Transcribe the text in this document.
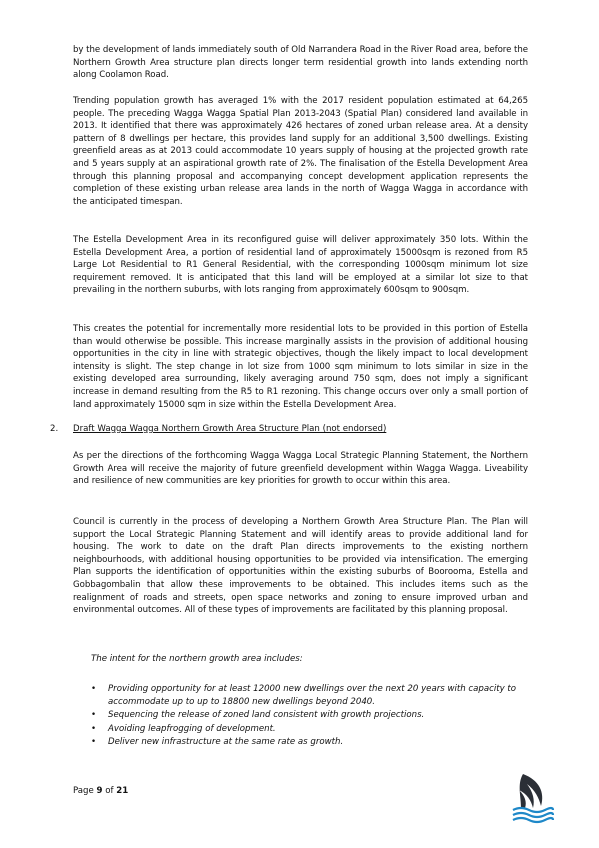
by the development of lands immediately south of Old Narrandera Road in the River Road area, before the Northern Growth Area structure plan directs longer term residential growth into lands extending north along Coolamon Road.

Trending population growth has averaged 1% with the 2017 resident population estimated at 64,265 people. The preceding Wagga Wagga Spatial Plan 2013-2043 (Spatial Plan) considered land available in 2013. It identified that there was approximately 426 hectares of zoned urban release area. At a density pattern of 8 dwellings per hectare, this provides land supply for an additional 3,500 dwellings. Existing greenfield areas as at 2013 could accommodate 10 years supply of housing at the projected growth rate and 5 years supply at an aspirational growth rate of 2%. The finalisation of the Estella Development Area through this planning proposal and accompanying concept development application represents the completion of these existing urban release area lands in the north of Wagga Wagga in accordance with the anticipated timespan.

The Estella Development Area in its reconfigured guise will deliver approximately 350 lots. Within the Estella Development Area, a portion of residential land of approximately 15000sqm is rezoned from R5 Large Lot Residential to R1 General Residential, with the corresponding 1000sqm minimum lot size requirement removed. It is anticipated that this land will be employed at a similar lot size to that prevailing in the northern suburbs, with lots ranging from approximately 600sqm to 900sqm.

This creates the potential for incrementally more residential lots to be provided in this portion of Estella than would otherwise be possible. This increase marginally assists in the provision of additional housing opportunities in the city in line with strategic objectives, though the likely impact to local development intensity is slight. The step change in lot size from 1000 sqm minimum to lots similar in size in the existing developed area surrounding, likely averaging around 750 sqm, does not imply a significant increase in demand resulting from the R5 to R1 rezoning. This change occurs over only a small portion of land approximately 15000 sqm in size within the Estella Development Area.

2. Draft Wagga Wagga Northern Growth Area Structure Plan (not endorsed)

As per the directions of the forthcoming Wagga Wagga Local Strategic Planning Statement, the Northern Growth Area will receive the majority of future greenfield development within Wagga Wagga. Liveability and resilience of new communities are key priorities for growth to occur within this area.

Council is currently in the process of developing a Northern Growth Area Structure Plan. The Plan will support the Local Strategic Planning Statement and will identify areas to provide additional land for housing. The work to date on the draft Plan directs improvements to the existing northern neighbourhoods, with additional housing opportunities to be provided via intensification. The emerging Plan supports the identification of opportunities within the existing suburbs of Boorooma, Estella and Gobbagombalin that allow these improvements to be obtained. This includes items such as the realignment of roads and streets, open space networks and zoning to ensure improved urban and environmental outcomes. All of these types of improvements are facilitated by this planning proposal.

The intent for the northern growth area includes:
• Providing opportunity for at least 12000 new dwellings over the next 20 years with capacity to accommodate up to up to 18800 new dwellings beyond 2040.
• Sequencing the release of zoned land consistent with growth projections.
• Avoiding leapfrogging of development.
• Deliver new infrastructure at the same rate as growth.
Page 9 of 21
